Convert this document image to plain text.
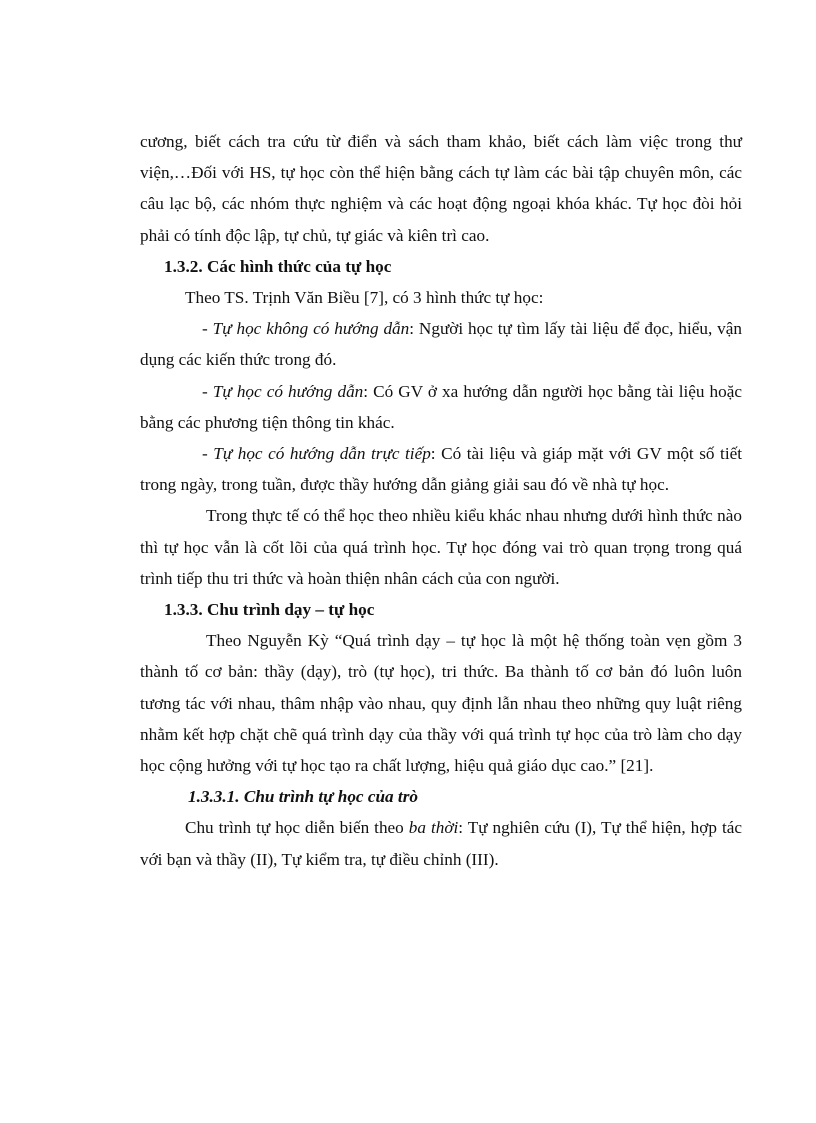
cương, biết cách tra cứu từ điển và sách tham khảo, biết cách làm việc trong thư viện,…Đối với HS, tự học còn thể hiện bằng cách tự làm các bài tập chuyên môn, các câu lạc bộ, các nhóm thực nghiệm và các hoạt động ngoại khóa khác. Tự học đòi hỏi phải có tính độc lập, tự chủ, tự giác và kiên trì cao.

1.3.2. Các hình thức của tự học

Theo TS. Trịnh Văn Biều [7], có 3 hình thức tự học:

- Tự học không có hướng dẫn: Người học tự tìm lấy tài liệu để đọc, hiểu, vận dụng các kiến thức trong đó.

- Tự học có hướng dẫn: Có GV ở xa hướng dẫn người học bằng tài liệu hoặc bằng các phương tiện thông tin khác.

- Tự học có hướng dẫn trực tiếp: Có tài liệu và giáp mặt với GV một số tiết trong ngày, trong tuần, được thầy hướng dẫn giảng giải sau đó về nhà tự học.

Trong thực tế có thể học theo nhiều kiểu khác nhau nhưng dưới hình thức nào thì tự học vẫn là cốt lõi của quá trình học. Tự học đóng vai trò quan trọng trong quá trình tiếp thu tri thức và hoàn thiện nhân cách của con người.

1.3.3. Chu trình dạy – tự học

Theo Nguyễn Kỳ “Quá trình dạy – tự học là một hệ thống toàn vẹn gồm 3 thành tố cơ bản: thầy (dạy), trò (tự học), tri thức. Ba thành tố cơ bản đó luôn luôn tương tác với nhau, thâm nhập vào nhau, quy định lẫn nhau theo những quy luật riêng nhằm kết hợp chặt chẽ quá trình dạy của thầy với quá trình tự học của trò làm cho dạy học cộng hưởng với tự học tạo ra chất lượng, hiệu quả giáo dục cao.” [21].

1.3.3.1. Chu trình tự học của trò

Chu trình tự học diễn biến theo ba thời: Tự nghiên cứu (I), Tự thể hiện, hợp tác với bạn và thầy (II), Tự kiểm tra, tự điều chỉnh (III).
